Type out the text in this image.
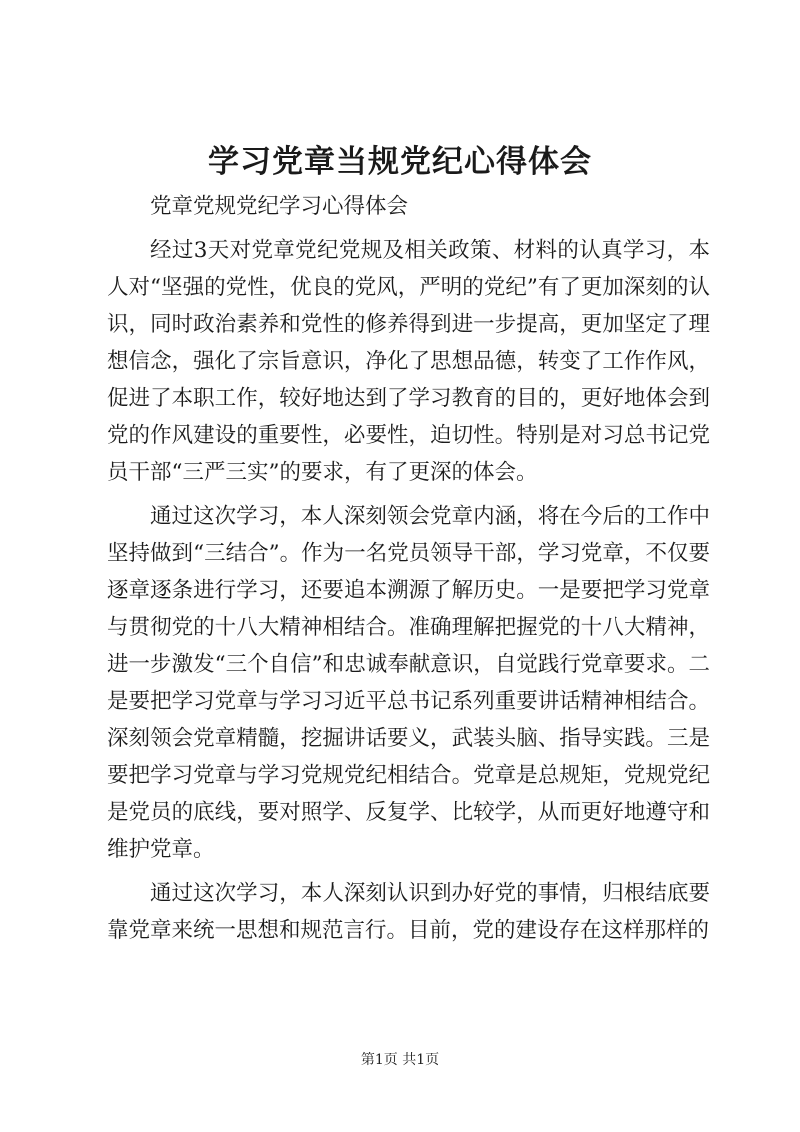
学习党章当规党纪心得体会

党章党规党纪学习心得体会

经过3天对党章党纪党规及相关政策、材料的认真学习，本人对“坚强的党性，优良的党风，严明的党纪”有了更加深刻的认识，同时政治素养和党性的修养得到进一步提高，更加坚定了理想信念，强化了宗旨意识，净化了思想品德，转变了工作作风，促进了本职工作，较好地达到了学习教育的目的，更好地体会到党的作风建设的重要性，必要性，迫切性。特别是对习总书记党员干部“三严三实”的要求，有了更深的体会。

通过这次学习，本人深刻领会党章内涵，将在今后的工作中坚持做到“三结合”。作为一名党员领导干部，学习党章，不仅要逐章逐条进行学习，还要追本溯源了解历史。一是要把学习党章与贯彻党的十八大精神相结合。准确理解把握党的十八大精神，进一步激发“三个自信”和忠诚奉献意识，自觉践行党章要求。二是要把学习党章与学习习近平总书记系列重要讲话精神相结合。深刻领会党章精髓，挖掘讲话要义，武装头脑、指导实践。三是要把学习党章与学习党规党纪相结合。党章是总规矩，党规党纪是党员的底线，要对照学、反复学、比较学，从而更好地遵守和维护党章。

通过这次学习，本人深刻认识到办好党的事情，归根结底要靠党章来统一思想和规范言行。目前，党的建设存在这样那样的

第1页 共1页
